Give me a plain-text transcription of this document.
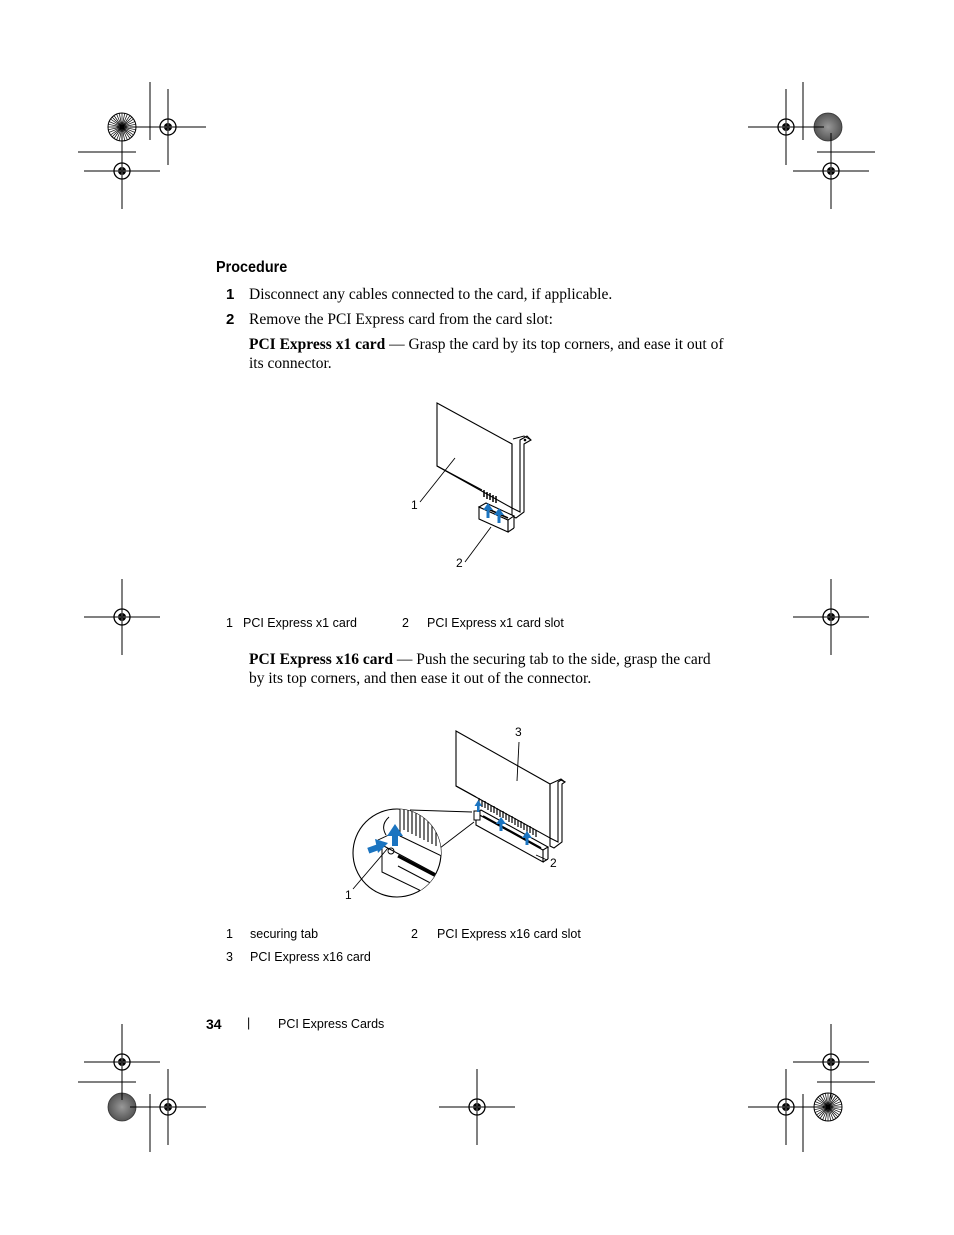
Procedure
1 Disconnect any cables connected to the card, if applicable.
2 Remove the PCI Express card from the card slot:
PCI Express x1 card — Grasp the card by its top corners, and ease it out of
its connector.
1
2
1 PCI Express x1 card	2 PCI Express x1 card slot
PCI Express x16 card — Push the securing tab to the side, grasp the card
by its top corners, and then ease it out of the connector.
3
2
1
1 securing tab	2 PCI Express x16 card slot
3 PCI Express x16 card
34 | PCI Express Cards
